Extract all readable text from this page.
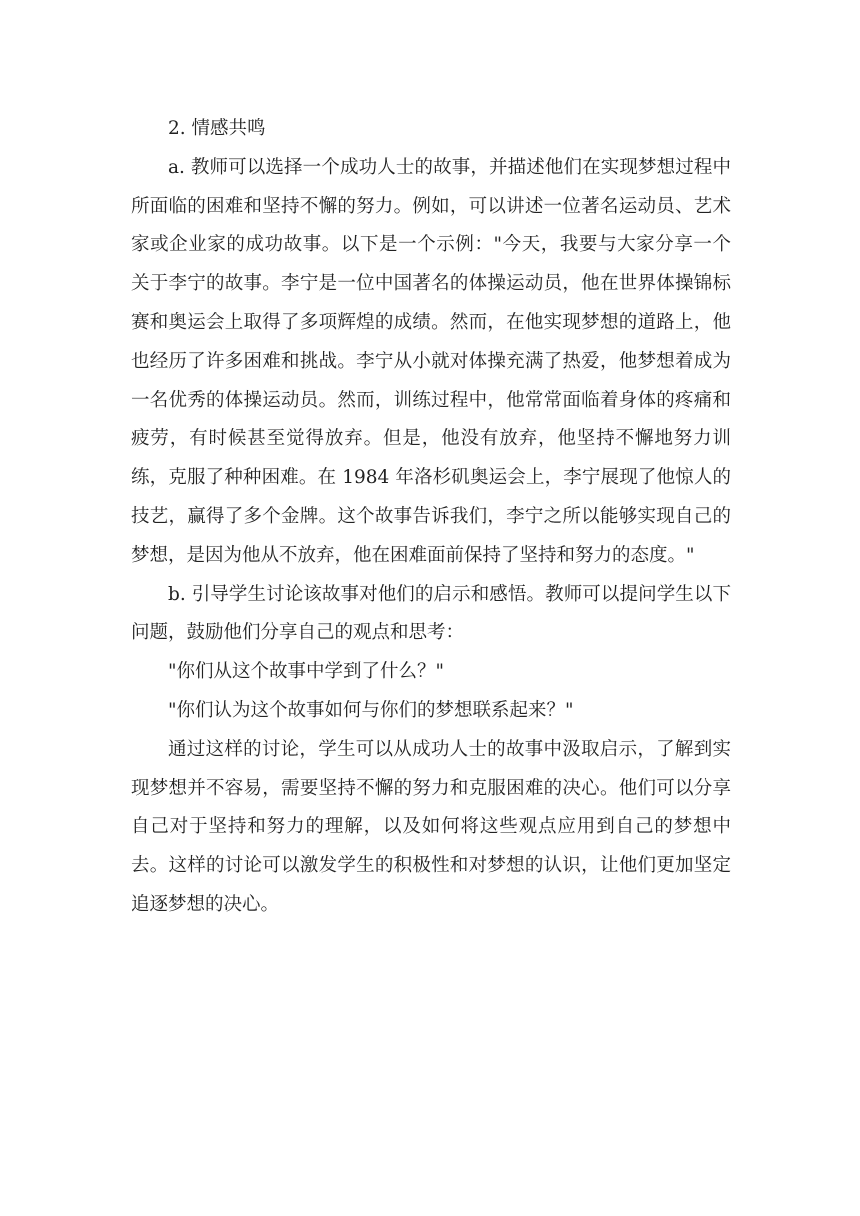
2. 情感共鸣

a. 教师可以选择一个成功人士的故事，并描述他们在实现梦想过程中所面临的困难和坚持不懈的努力。例如，可以讲述一位著名运动员、艺术家或企业家的成功故事。以下是一个示例："今天，我要与大家分享一个关于李宁的故事。李宁是一位中国著名的体操运动员，他在世界体操锦标赛和奥运会上取得了多项辉煌的成绩。然而，在他实现梦想的道路上，他也经历了许多困难和挑战。李宁从小就对体操充满了热爱，他梦想着成为一名优秀的体操运动员。然而，训练过程中，他常常面临着身体的疼痛和疲劳，有时候甚至觉得放弃。但是，他没有放弃，他坚持不懈地努力训练，克服了种种困难。在 1984 年洛杉矶奥运会上，李宁展现了他惊人的技艺，赢得了多个金牌。这个故事告诉我们，李宁之所以能够实现自己的梦想，是因为他从不放弃，他在困难面前保持了坚持和努力的态度。"

b. 引导学生讨论该故事对他们的启示和感悟。教师可以提问学生以下问题，鼓励他们分享自己的观点和思考：

"你们从这个故事中学到了什么？"

"你们认为这个故事如何与你们的梦想联系起来？"

通过这样的讨论，学生可以从成功人士的故事中汲取启示，了解到实现梦想并不容易，需要坚持不懈的努力和克服困难的决心。他们可以分享自己对于坚持和努力的理解，以及如何将这些观点应用到自己的梦想中去。这样的讨论可以激发学生的积极性和对梦想的认识，让他们更加坚定追逐梦想的决心。
